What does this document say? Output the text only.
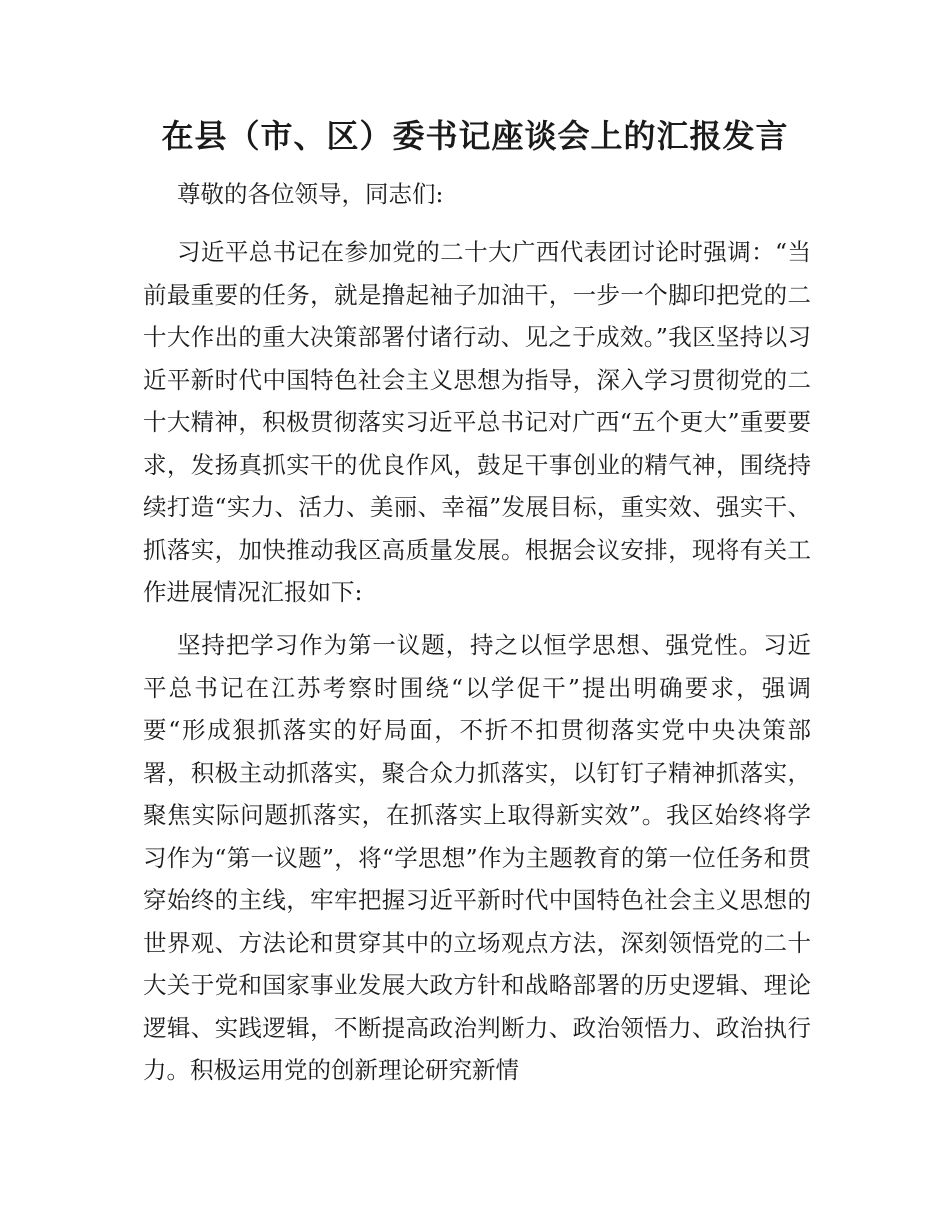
在县（市、区）委书记座谈会上的汇报发言

尊敬的各位领导，同志们:

习近平总书记在参加党的二十大广西代表团讨论时强调：“当前最重要的任务，就是撸起袖子加油干，一步一个脚印把党的二十大作出的重大决策部署付诸行动、见之于成效。”我区坚持以习近平新时代中国特色社会主义思想为指导，深入学习贯彻党的二十大精神，积极贯彻落实习近平总书记对广西“五个更大”重要要求，发扬真抓实干的优良作风，鼓足干事创业的精气神，围绕持续打造“实力、活力、美丽、幸福”发展目标，重实效、强实干、抓落实，加快推动我区高质量发展。根据会议安排，现将有关工作进展情况汇报如下:

坚持把学习作为第一议题，持之以恒学思想、强党性。习近平总书记在江苏考察时围绕“以学促干”提出明确要求，强调要“形成狠抓落实的好局面，不折不扣贯彻落实党中央决策部署，积极主动抓落实，聚合众力抓落实，以钉钉子精神抓落实，聚焦实际问题抓落实，在抓落实上取得新实效”。我区始终将学习作为“第一议题”，将“学思想”作为主题教育的第一位任务和贯穿始终的主线，牢牢把握习近平新时代中国特色社会主义思想的世界观、方法论和贯穿其中的立场观点方法，深刻领悟党的二十大关于党和国家事业发展大政方针和战略部署的历史逻辑、理论逻辑、实践逻辑，不断提高政治判断力、政治领悟力、政治执行力。积极运用党的创新理论研究新情
